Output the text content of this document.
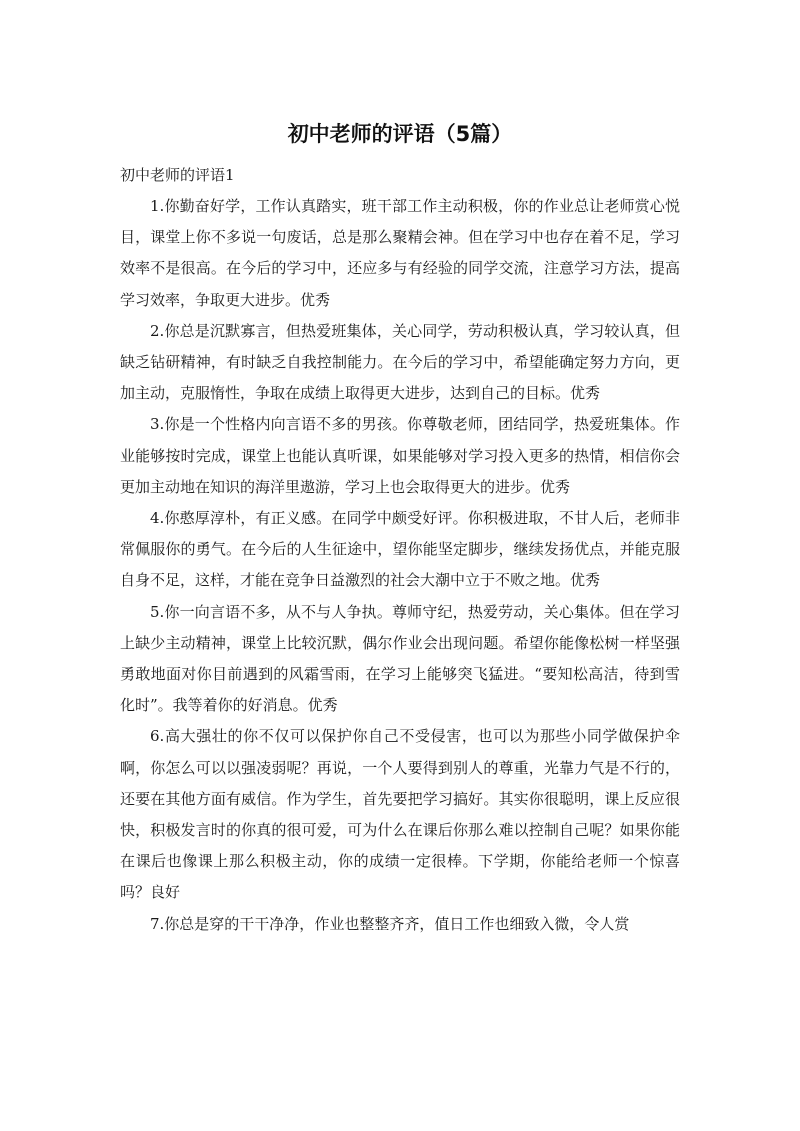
初中老师的评语（5篇）

初中老师的评语1

1.你勤奋好学，工作认真踏实，班干部工作主动积极，你的作业总让老师赏心悦目，课堂上你不多说一句废话，总是那么聚精会神。但在学习中也存在着不足，学习效率不是很高。在今后的学习中，还应多与有经验的同学交流，注意学习方法，提高学习效率，争取更大进步。优秀

2.你总是沉默寡言，但热爱班集体，关心同学，劳动积极认真，学习较认真，但缺乏钻研精神，有时缺乏自我控制能力。在今后的学习中，希望能确定努力方向，更加主动，克服惰性，争取在成绩上取得更大进步，达到自己的目标。优秀

3.你是一个性格内向言语不多的男孩。你尊敬老师，团结同学，热爱班集体。作业能够按时完成，课堂上也能认真听课，如果能够对学习投入更多的热情，相信你会更加主动地在知识的海洋里遨游，学习上也会取得更大的进步。优秀

4.你憨厚淳朴，有正义感。在同学中颇受好评。你积极进取，不甘人后，老师非常佩服你的勇气。在今后的人生征途中，望你能坚定脚步，继续发扬优点，并能克服自身不足，这样，才能在竞争日益激烈的社会大潮中立于不败之地。优秀

5.你一向言语不多，从不与人争执。尊师守纪，热爱劳动，关心集体。但在学习上缺少主动精神，课堂上比较沉默，偶尔作业会出现问题。希望你能像松树一样坚强勇敢地面对你目前遇到的风霜雪雨，在学习上能够突飞猛进。“要知松高洁，待到雪化时”。我等着你的好消息。优秀

6.高大强壮的你不仅可以保护你自己不受侵害，也可以为那些小同学做保护伞啊，你怎么可以以强凌弱呢？再说，一个人要得到别人的尊重，光靠力气是不行的，还要在其他方面有威信。作为学生，首先要把学习搞好。其实你很聪明，课上反应很快，积极发言时的你真的很可爱，可为什么在课后你那么难以控制自己呢？如果你能在课后也像课上那么积极主动，你的成绩一定很棒。下学期，你能给老师一个惊喜吗？良好

7.你总是穿的干干净净，作业也整整齐齐，值日工作也细致入微，令人赏
